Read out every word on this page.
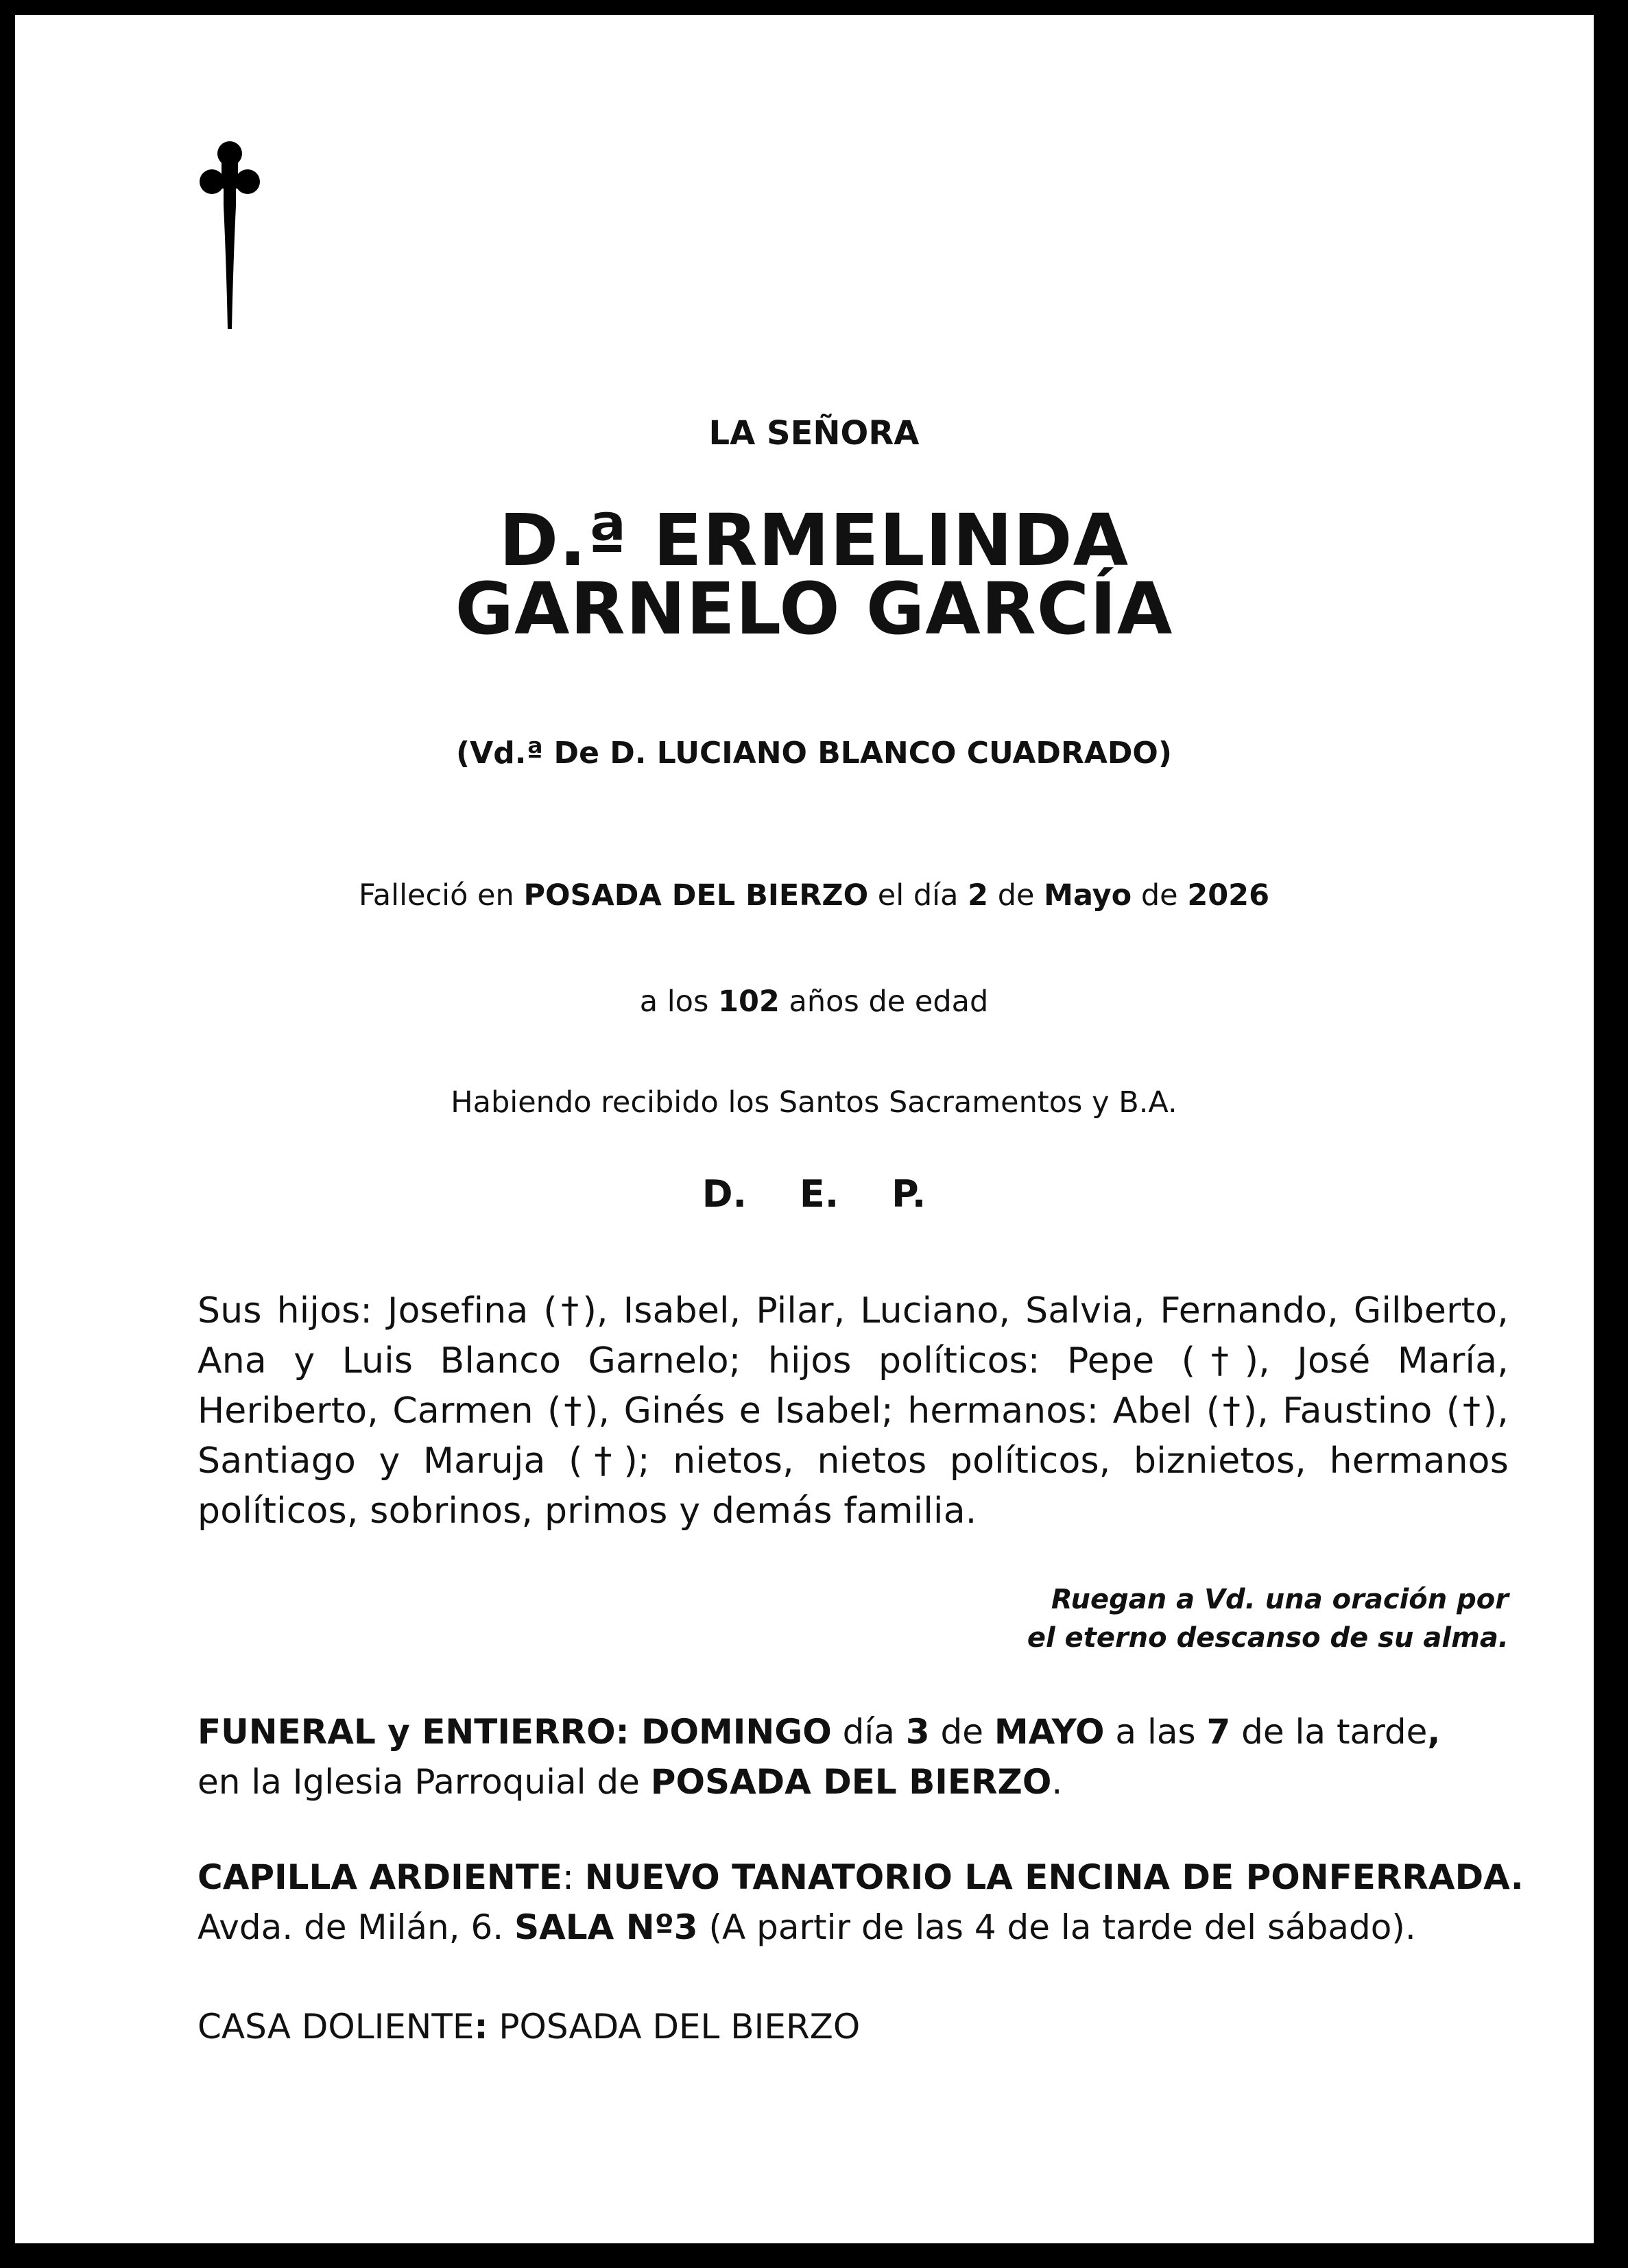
LA SEÑORA
D.ª ERMELINDA
GARNELO GARCÍA
(Vd.ª De D. LUCIANO BLANCO CUADRADO)
Falleció en POSADA DEL BIERZO el día 2 de Mayo de 2026
a los 102 años de edad
Habiendo recibido los Santos Sacramentos y B.A.
D. E. P.
Sus hijos: Josefina (†), Isabel, Pilar, Luciano, Salvia, Fernando, Gilberto, Ana y Luis Blanco Garnelo; hijos políticos: Pepe (†), José María, Heriberto, Carmen (†), Ginés e Isabel; hermanos: Abel (†), Faustino (†), Santiago y Maruja (†); nietos, nietos políticos, biznietos, hermanos políticos, sobrinos, primos y demás familia.
Ruegan a Vd. una oración por
el eterno descanso de su alma.
FUNERAL y ENTIERRO: DOMINGO día 3 de MAYO a las 7 de la tarde,
en la Iglesia Parroquial de POSADA DEL BIERZO.
CAPILLA ARDIENTE: NUEVO TANATORIO LA ENCINA DE PONFERRADA.
Avda. de Milán, 6. SALA Nº3 (A partir de las 4 de la tarde del sábado).
CASA DOLIENTE: POSADA DEL BIERZO
